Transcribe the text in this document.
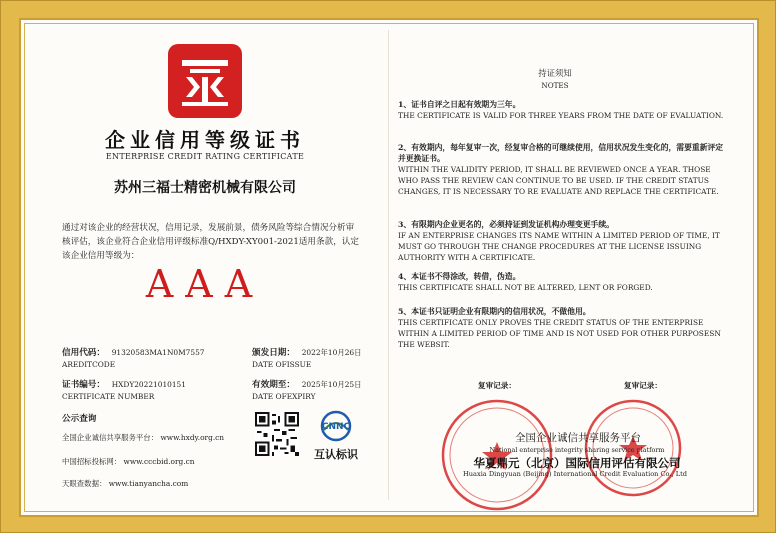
企业信用等级证书
ENTERPRISE CREDIT RATING CERTIFICATE
苏州三福士精密机械有限公司
通过对该企业的经营状况，信用记录，发展前景，债务风险等综合情况分析审核评估，该企业符合企业信用评级标准Q/HXDY-XY001-2021适用条款，认定该企业信用等级为：
AAA
信用代码： 91320583MA1N0M7557
AREDITCODE
颁发日期： 2022年10月26日
DATE OFISSUE
证书编号： HXDY20221010151
CERTIFICATE NUMBER
有效期至： 2025年10月25日
DATE OFEXPIRY
公示查询
全国企业诚信共享服务平台： www.hxdy.org.cn
中国招标投标网： www.cccbid.org.cn
天眼查数据： www.tianyancha.com
CNNC
互认标识
持证须知
NOTES
1、证书自评之日起有效期为三年。
THE CERTIFICATE IS VALID FOR THREE YEARS FROM THE DATE OF EVALUATION.
2、有效期内，每年复审一次，经复审合格的可继续使用，信用状况发生变化的，需要重新评定并更换证书。
WITHIN THE VALIDITY PERIOD, IT SHALL BE REVIEWED ONCE A YEAR. THOSE WHO PASS THE REVIEW CAN CONTINUE TO BE USED. IF THE CREDIT STATUS CHANGES, IT IS NECESSARY TO RE EVALUATE AND REPLACE THE CERTIFICATE.
3、有限期内企业更名的，必须持证到发证机构办理变更手续。
IF AN ENTERPRISE CHANGES ITS NAME WITHIN A LIMITED PERIOD OF TIME, IT MUST GO THROUGH THE CHANGE PROCEDURES AT THE LICENSE ISSUING AUTHORITY WITH A CERTIFICATE.
4、本证书不得涂改，转借，伪造。
THIS CERTIFICATE SHALL NOT BE ALTERED, LENT OR FORGED.
5、本证书只证明企业有限期内的信用状况，不做他用。
THIS CERTIFICATE ONLY PROVES THE CREDIT STATUS OF THE ENTERPRISE WITHIN A LIMITED PERIOD OF TIME AND IS NOT USED FOR OTHER PURPOSESN THE WEBSIT.
复审记录：	复审记录：
全国企业诚信共享服务平台
National enterprise integrity sharing service platform
华夏鼎元（北京）国际信用评估有限公司
Huaxia Dingyuan (Beijing) International Credit Evaluation Co., Ltd
